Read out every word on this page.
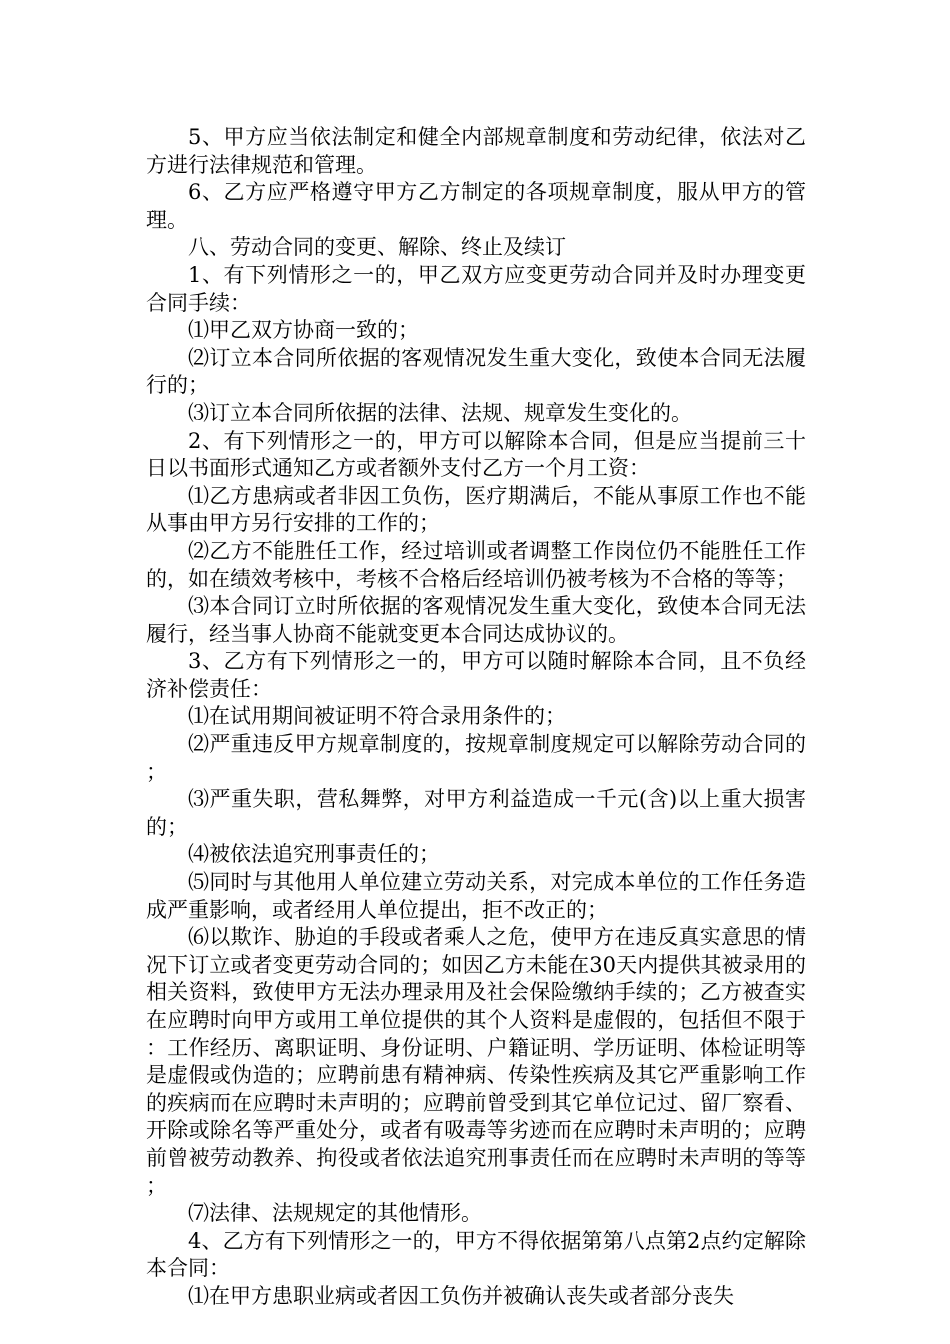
5、甲方应当依法制定和健全内部规章制度和劳动纪律，依法对乙方进行法律规范和管理。

6、乙方应严格遵守甲方乙方制定的各项规章制度，服从甲方的管理。

八、劳动合同的变更、解除、终止及续订

1、有下列情形之一的，甲乙双方应变更劳动合同并及时办理变更合同手续：

⑴甲乙双方协商一致的；

⑵订立本合同所依据的客观情况发生重大变化，致使本合同无法履行的；

⑶订立本合同所依据的法律、法规、规章发生变化的。

2、有下列情形之一的，甲方可以解除本合同，但是应当提前三十日以书面形式通知乙方或者额外支付乙方一个月工资：

⑴乙方患病或者非因工负伤，医疗期满后，不能从事原工作也不能从事由甲方另行安排的工作的；

⑵乙方不能胜任工作，经过培训或者调整工作岗位仍不能胜任工作的，如在绩效考核中，考核不合格后经培训仍被考核为不合格的等等；

⑶本合同订立时所依据的客观情况发生重大变化，致使本合同无法履行，经当事人协商不能就变更本合同达成协议的。

3、乙方有下列情形之一的，甲方可以随时解除本合同，且不负经济补偿责任：

⑴在试用期间被证明不符合录用条件的；

⑵严重违反甲方规章制度的，按规章制度规定可以解除劳动合同的；

⑶严重失职，营私舞弊，对甲方利益造成一千元(含)以上重大损害的；

⑷被依法追究刑事责任的；

⑸同时与其他用人单位建立劳动关系，对完成本单位的工作任务造成严重影响，或者经用人单位提出，拒不改正的；

⑹以欺诈、胁迫的手段或者乘人之危，使甲方在违反真实意思的情况下订立或者变更劳动合同的；如因乙方未能在30天内提供其被录用的相关资料，致使甲方无法办理录用及社会保险缴纳手续的；乙方被查实在应聘时向甲方或用工单位提供的其个人资料是虚假的，包括但不限于：工作经历、离职证明、身份证明、户籍证明、学历证明、体检证明等是虚假或伪造的；应聘前患有精神病、传染性疾病及其它严重影响工作的疾病而在应聘时未声明的；应聘前曾受到其它单位记过、留厂察看、开除或除名等严重处分，或者有吸毒等劣迹而在应聘时未声明的；应聘前曾被劳动教养、拘役或者依法追究刑事责任而在应聘时未声明的等等；

⑺法律、法规规定的其他情形。

4、乙方有下列情形之一的，甲方不得依据第第八点第2点约定解除本合同：

⑴在甲方患职业病或者因工负伤并被确认丧失或者部分丧失
